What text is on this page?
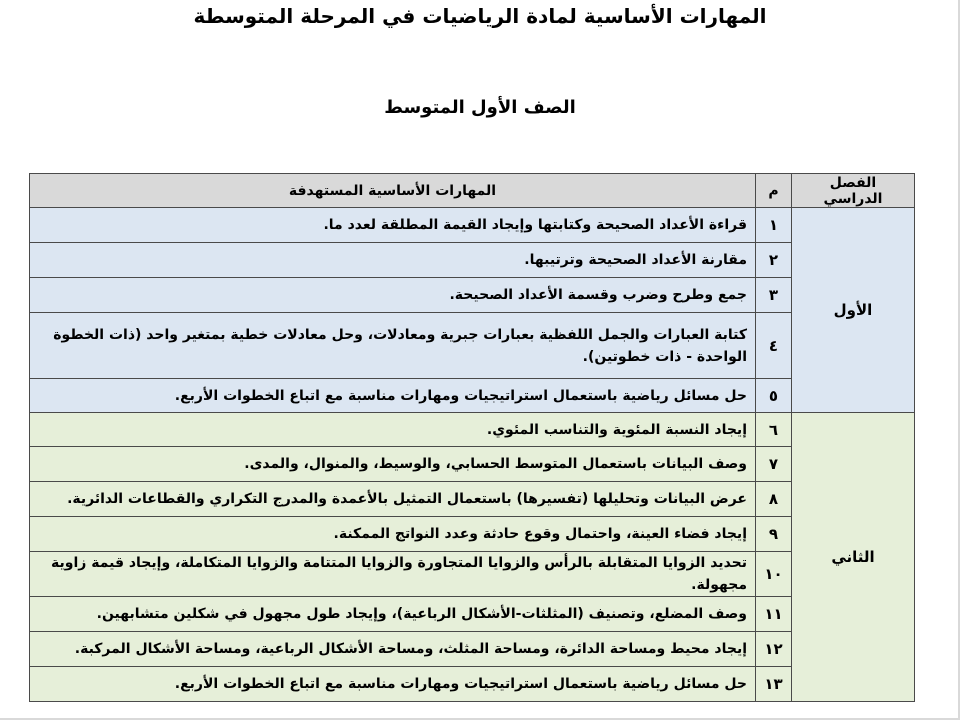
المهارات الأساسية لمادة الرياضيات في المرحلة المتوسطة
الصف الأول المتوسط
الفصل الدراسي	م	المهارات الأساسية المستهدفة
الأول	١	قراءة الأعداد الصحيحة وكتابتها وإيجاد القيمة المطلقة لعدد ما.
	٢	مقارنة الأعداد الصحيحة وترتيبها.
	٣	جمع وطرح وضرب وقسمة الأعداد الصحيحة.
	٤	كتابة العبارات والجمل اللفظية بعبارات جبرية ومعادلات، وحل معادلات خطية بمتغير واحد (ذات الخطوة الواحدة - ذات خطوتين).
	٥	حل مسائل رياضية باستعمال استراتيجيات ومهارات مناسبة مع اتباع الخطوات الأربع.
الثاني	٦	إيجاد النسبة المئوية والتناسب المئوي.
	٧	وصف البيانات باستعمال المتوسط الحسابي، والوسيط، والمنوال، والمدى.
	٨	عرض البيانات وتحليلها (تفسيرها) باستعمال التمثيل بالأعمدة والمدرج التكراري والقطاعات الدائرية.
	٩	إيجاد فضاء العينة، واحتمال وقوع حادثة وعدد النواتج الممكنة.
	١٠	تحديد الزوايا المتقابلة بالرأس والزوايا المتجاورة والزوايا المتتامة والزوايا المتكاملة، وإيجاد قيمة زاوية مجهولة.
	١١	وصف المضلع، وتصنيف (المثلثات-الأشكال الرباعية)، وإيجاد طول مجهول في شكلين متشابهين.
	١٢	إيجاد محيط ومساحة الدائرة، ومساحة المثلث، ومساحة الأشكال الرباعية، ومساحة الأشكال المركبة.
	١٣	حل مسائل رياضية باستعمال استراتيجيات ومهارات مناسبة مع اتباع الخطوات الأربع.
